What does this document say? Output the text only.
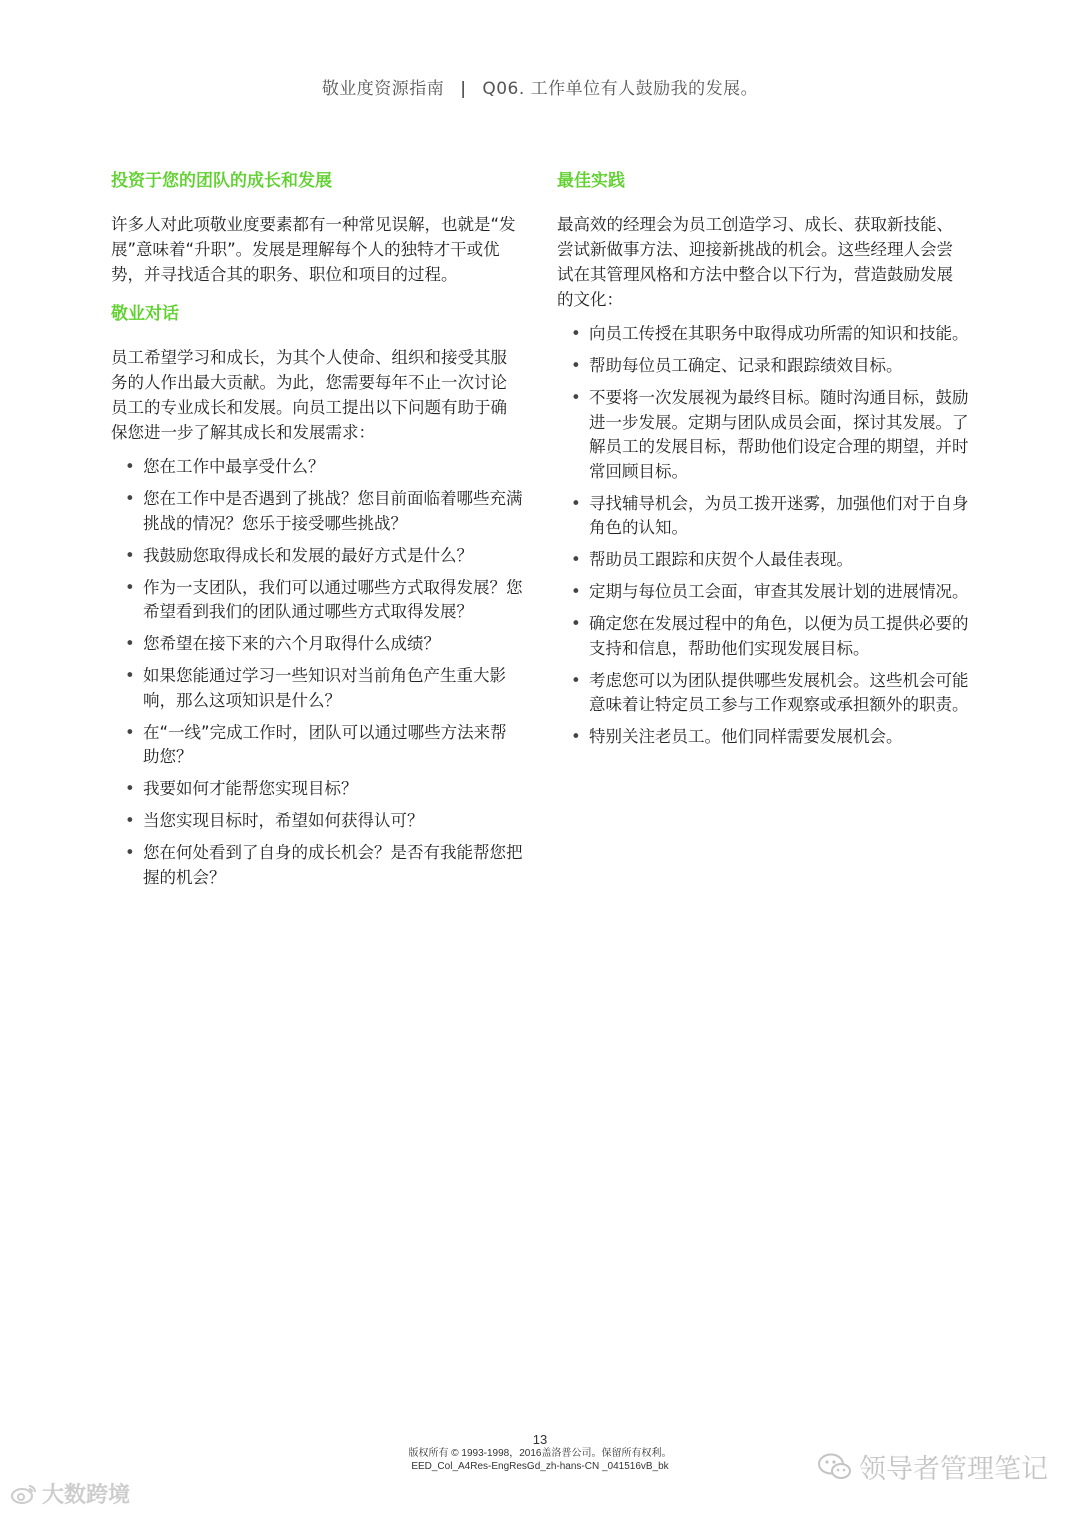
敬业度资源指南 | Q06. 工作单位有人鼓励我的发展。
投资于您的团队的成长和发展

许多人对此项敬业度要素都有一种常见误解，也就是“发展”意味着“升职”。发展是理解每个人的独特才干或优势，并寻找适合其的职务、职位和项目的过程。

敬业对话

员工希望学习和成长，为其个人使命、组织和接受其服务的人作出最大贡献。为此，您需要每年不止一次讨论员工的专业成长和发展。向员工提出以下问题有助于确保您进一步了解其成长和发展需求：

• 您在工作中最享受什么？
• 您在工作中是否遇到了挑战？您目前面临着哪些充满挑战的情况？您乐于接受哪些挑战？
• 我鼓励您取得成长和发展的最好方式是什么？
• 作为一支团队，我们可以通过哪些方式取得发展？您希望看到我们的团队通过哪些方式取得发展？
• 您希望在接下来的六个月取得什么成绩？
• 如果您能通过学习一些知识对当前角色产生重大影响，那么这项知识是什么？
• 在“一线”完成工作时，团队可以通过哪些方法来帮助您？
• 我要如何才能帮您实现目标？
• 当您实现目标时，希望如何获得认可？
• 您在何处看到了自身的成长机会？是否有我能帮您把握的机会？
最佳实践

最高效的经理会为员工创造学习、成长、获取新技能、尝试新做事方法、迎接新挑战的机会。这些经理人会尝试在其管理风格和方法中整合以下行为，营造鼓励发展的文化：

• 向员工传授在其职务中取得成功所需的知识和技能。
• 帮助每位员工确定、记录和跟踪绩效目标。
• 不要将一次发展视为最终目标。随时沟通目标，鼓励进一步发展。定期与团队成员会面，探讨其发展。了解员工的发展目标，帮助他们设定合理的期望，并时常回顾目标。
• 寻找辅导机会，为员工拨开迷雾，加强他们对于自身角色的认知。
• 帮助员工跟踪和庆贺个人最佳表现。
• 定期与每位员工会面，审查其发展计划的进展情况。
• 确定您在发展过程中的角色，以便为员工提供必要的支持和信息，帮助他们实现发展目标。
• 考虑您可以为团队提供哪些发展机会。这些机会可能意味着让特定员工参与工作观察或承担额外的职责。
• 特别关注老员工。他们同样需要发展机会。
13
版权所有 © 1993-1998，2016盖洛普公司。保留所有权利。
EED_Col_A4Res-EngResGd_zh-hans-CN _041516vB_bk
大数跨境
领导者管理笔记
